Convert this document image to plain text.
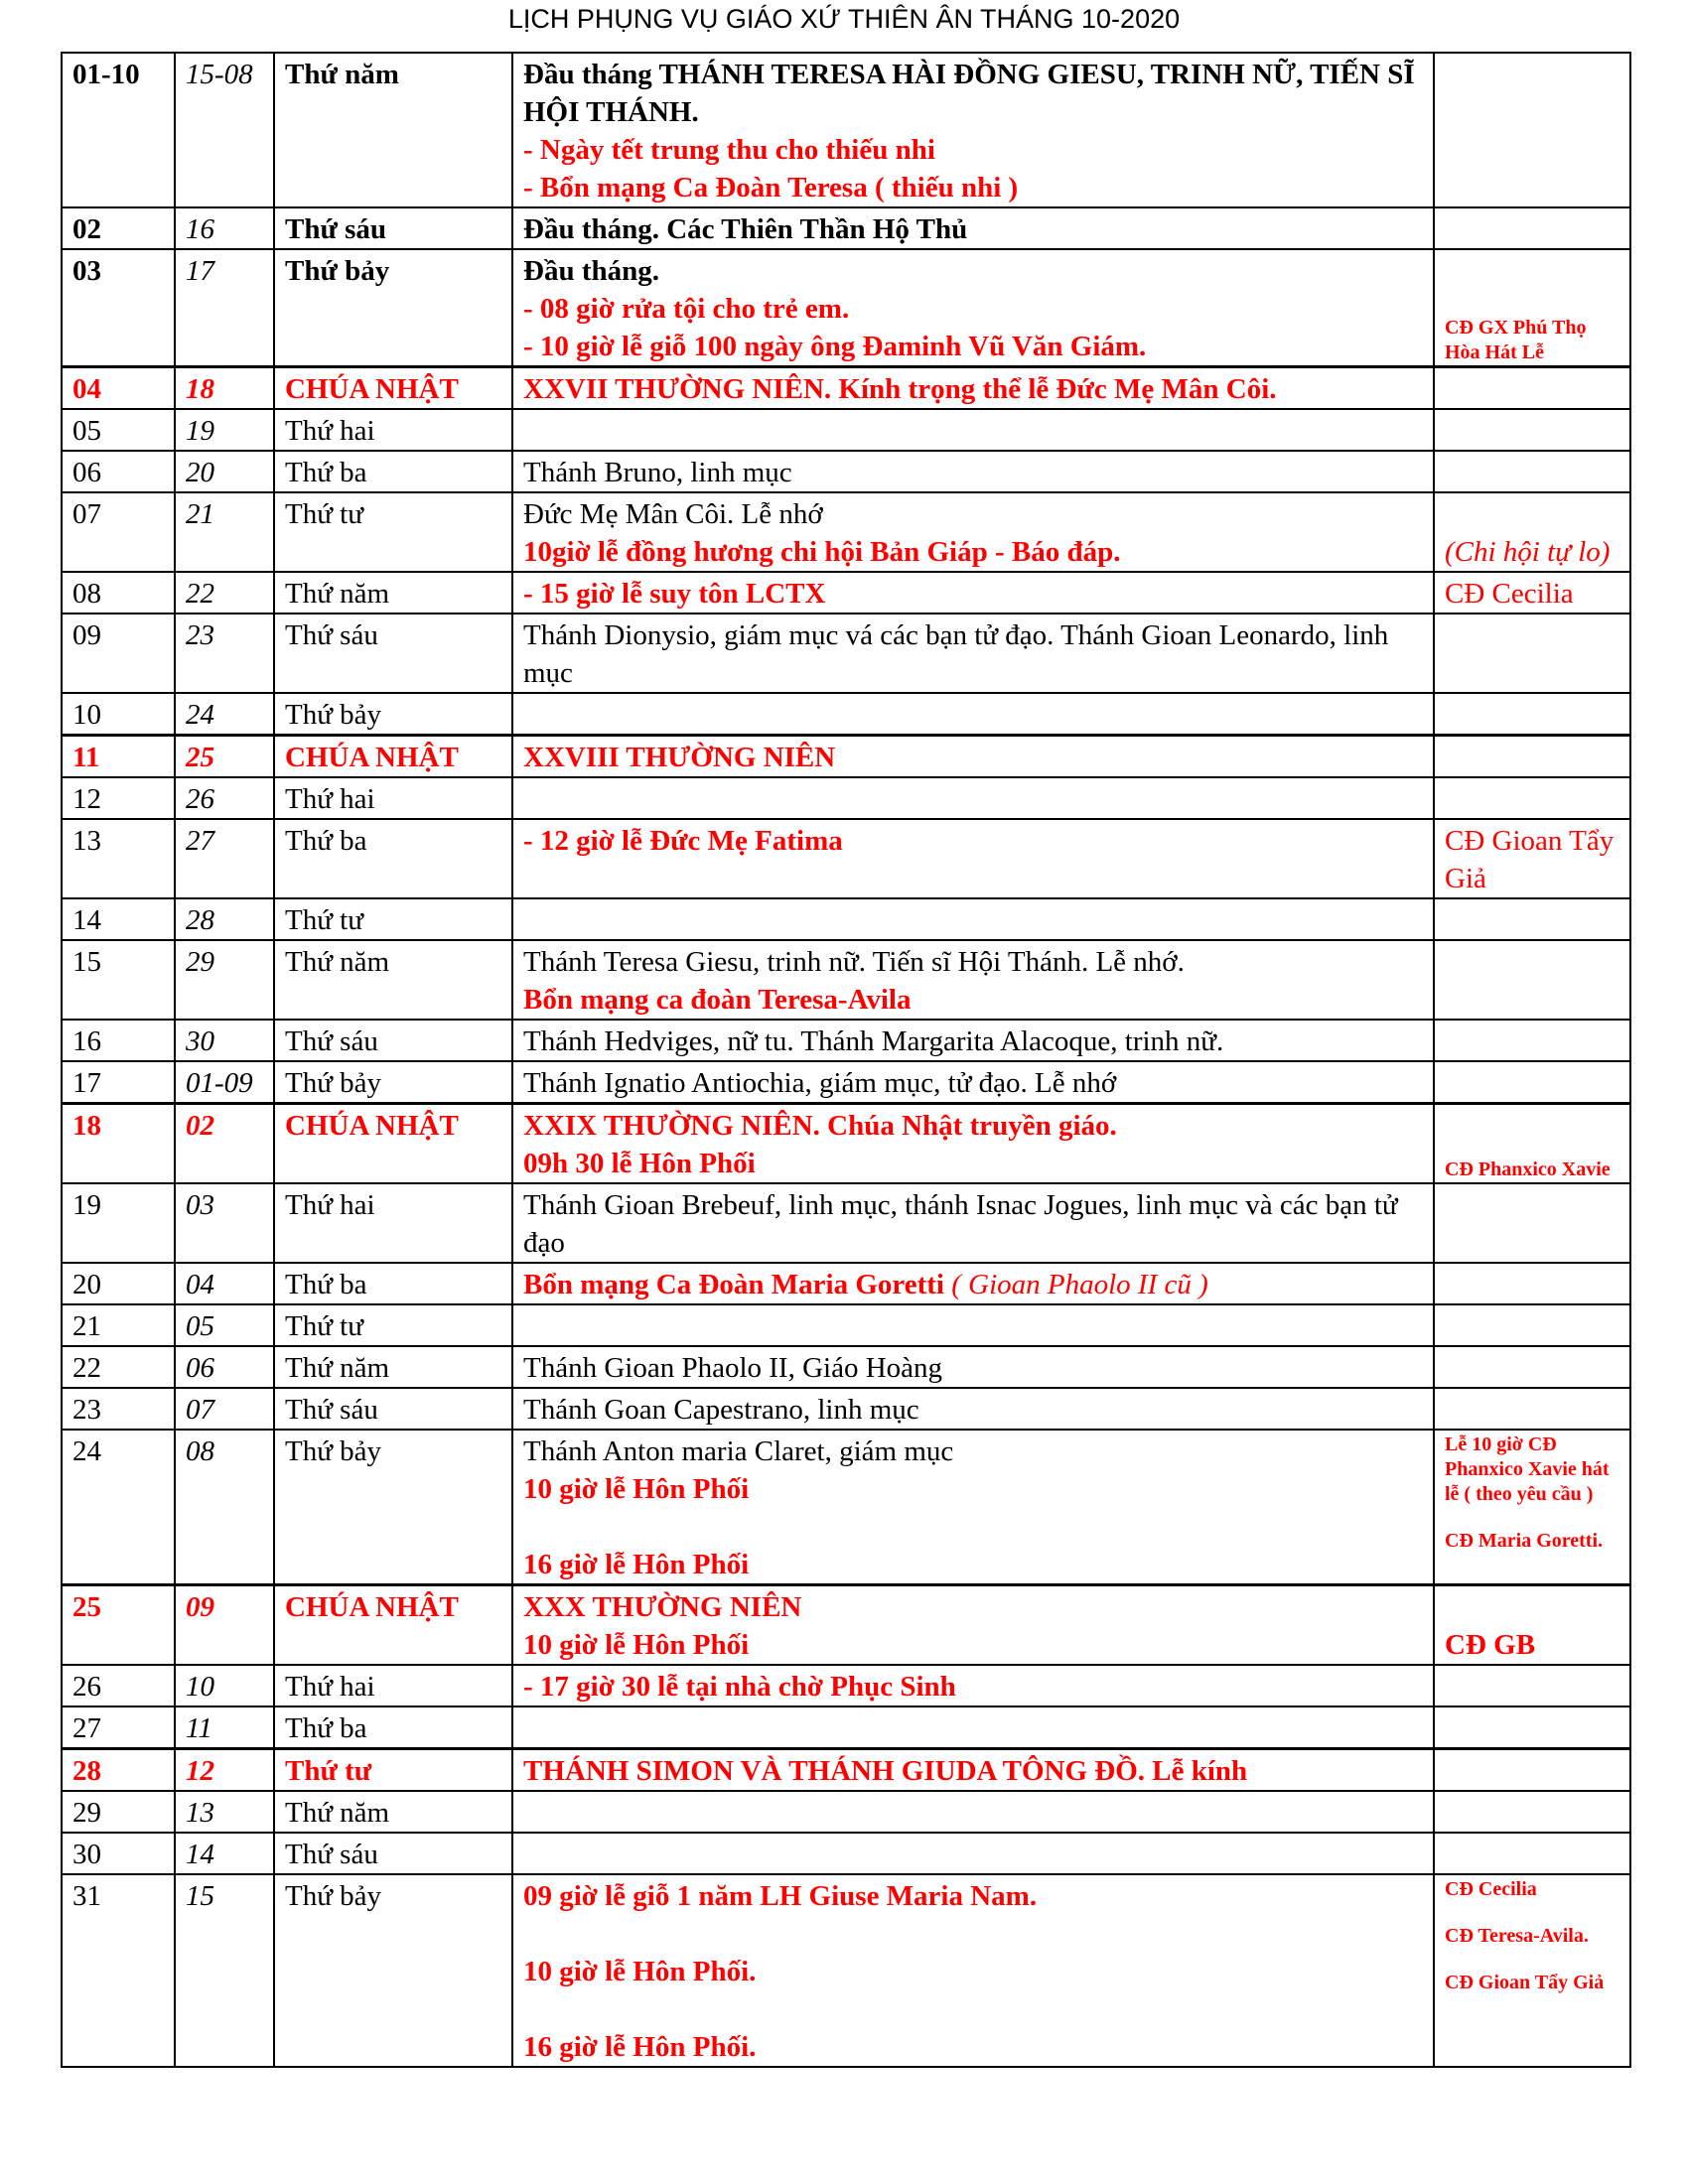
LỊCH PHỤNG VỤ GIÁO XỨ THIÊN ÂN THÁNG 10-2020
01-10	15-08	Thứ năm	Đầu tháng THÁNH TERESA HÀI ĐỒNG GIESU, TRINH NỮ, TIẾN SĨ HỘI THÁNH.
- Ngày tết trung thu cho thiếu nhi
- Bổn mạng Ca Đoàn Teresa ( thiếu nhi )	

02	16	Thứ sáu	Đầu tháng. Các Thiên Thần Hộ Thủ	

03	17	Thứ bảy	Đầu tháng.
- 08 giờ rửa tội cho trẻ em.
- 10 giờ lễ giỗ 100 ngày ông Đaminh Vũ Văn Giám.	CĐ GX Phú Thọ Hòa Hát Lễ

04	18	CHÚA NHẬT	XXVII THƯỜNG NIÊN. Kính trọng thể lễ Đức Mẹ Mân Côi.	

05	19	Thứ hai		
06	20	Thứ ba	Thánh Bruno, linh mục	

07	21	Thứ tư	Đức Mẹ Mân Côi. Lễ nhớ
10giờ lễ đồng hương chi hội Bản Giáp - Báo đáp.	(Chi hội tự lo)

08	22	Thứ năm	- 15 giờ lễ suy tôn LCTX	CĐ Cecilia

09	23	Thứ sáu	Thánh Dionysio, giám mục vá các bạn tử đạo. Thánh Gioan Leonardo, linh mục	

10	24	Thứ bảy		
11	25	CHÚA NHẬT	XXVIII THƯỜNG NIÊN	

12	26	Thứ hai		
13	27	Thứ ba	- 12 giờ lễ Đức Mẹ Fatima	CĐ Gioan Tẩy Giả

14	28	Thứ tư		
15	29	Thứ năm	Thánh Teresa Giesu, trinh nữ. Tiến sĩ Hội Thánh. Lễ nhớ.
Bổn mạng ca đoàn Teresa-Avila	

16	30	Thứ sáu	Thánh Hedviges, nữ tu. Thánh Margarita Alacoque, trinh nữ.	

17	01-09	Thứ bảy	Thánh Ignatio Antiochia, giám mục, tử đạo. Lễ nhớ	

18	02	CHÚA NHẬT	XXIX THƯỜNG NIÊN. Chúa Nhật truyền giáo.
09h 30 lễ Hôn Phối	CĐ Phanxico Xavie

19	03	Thứ hai	Thánh Gioan Brebeuf, linh mục, thánh Isnac Jogues, linh mục và các bạn tử đạo	

20	04	Thứ ba	Bổn mạng Ca Đoàn Maria Goretti ( Gioan Phaolo II cũ )	

21	05	Thứ tư		
22	06	Thứ năm	Thánh Gioan Phaolo II, Giáo Hoàng	

23	07	Thứ sáu	Thánh Goan Capestrano, linh mục	

24	08	Thứ bảy	Thánh Anton maria Claret, giám mục
10 giờ lễ Hôn Phối
16 giờ lễ Hôn Phối	Lễ 10 giờ CĐ Phanxico Xavie hát lễ ( theo yêu cầu )
CĐ Maria Goretti.

25	09	CHÚA NHẬT	XXX THƯỜNG NIÊN
10 giờ lễ Hôn Phối	CĐ GB

26	10	Thứ hai	- 17 giờ 30 lễ tại nhà chờ Phục Sinh	

27	11	Thứ ba		
28	12	Thứ tư	THÁNH SIMON VÀ THÁNH GIUDA TÔNG ĐỒ. Lễ kính	

29	13	Thứ năm		
30	14	Thứ sáu		
31	15	Thứ bảy	09 giờ lễ giỗ 1 năm LH Giuse Maria Nam.
10 giờ lễ Hôn Phối.
16 giờ lễ Hôn Phối.	CĐ Cecilia
CĐ Teresa-Avila.
CĐ Gioan Tẩy Giả
